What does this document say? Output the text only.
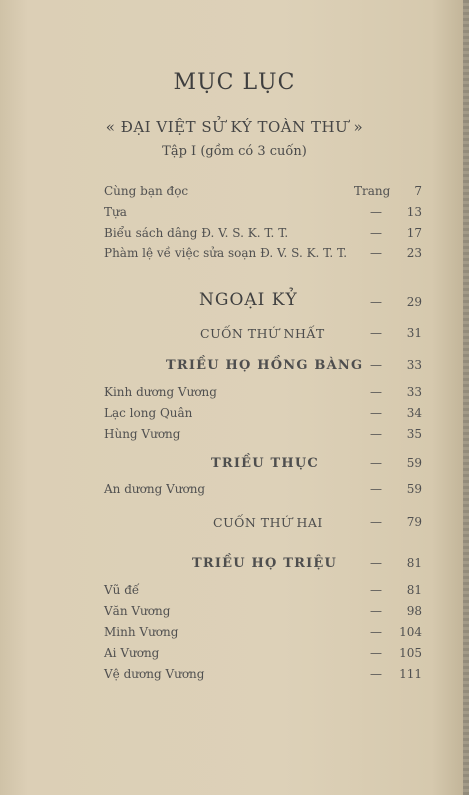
MỤC LỤC
« ĐẠI VIỆT SỬ KÝ TOÀN THƯ »
Tập I (gồm có 3 cuốn)
Cùng bạn đọc	Trang	7
Tựa	—	13
Biểu sách dâng Đ. V. S. K. T. T.	—	17
Phàm lệ về việc sửa soạn Đ. V. S. K. T. T. —	23
NGOẠI KỶ	—	29
CUỐN THỨ NHẤT	—	31
TRIỀU HỌ HỒNG BÀNG —	33
Kinh dương Vương	—	33
Lạc long Quân	—	34
Hùng Vương	—	35
TRIỀU THỤC	—	59
An dương Vương	—	59
CUỐN THỨ HAI	—	79
TRIỀU HỌ TRIỆU	—	81
Vũ đế	—	81
Văn Vương	—	98
Minh Vương	—	104
Ai Vương	—	105
Vệ dương Vương	—	111
